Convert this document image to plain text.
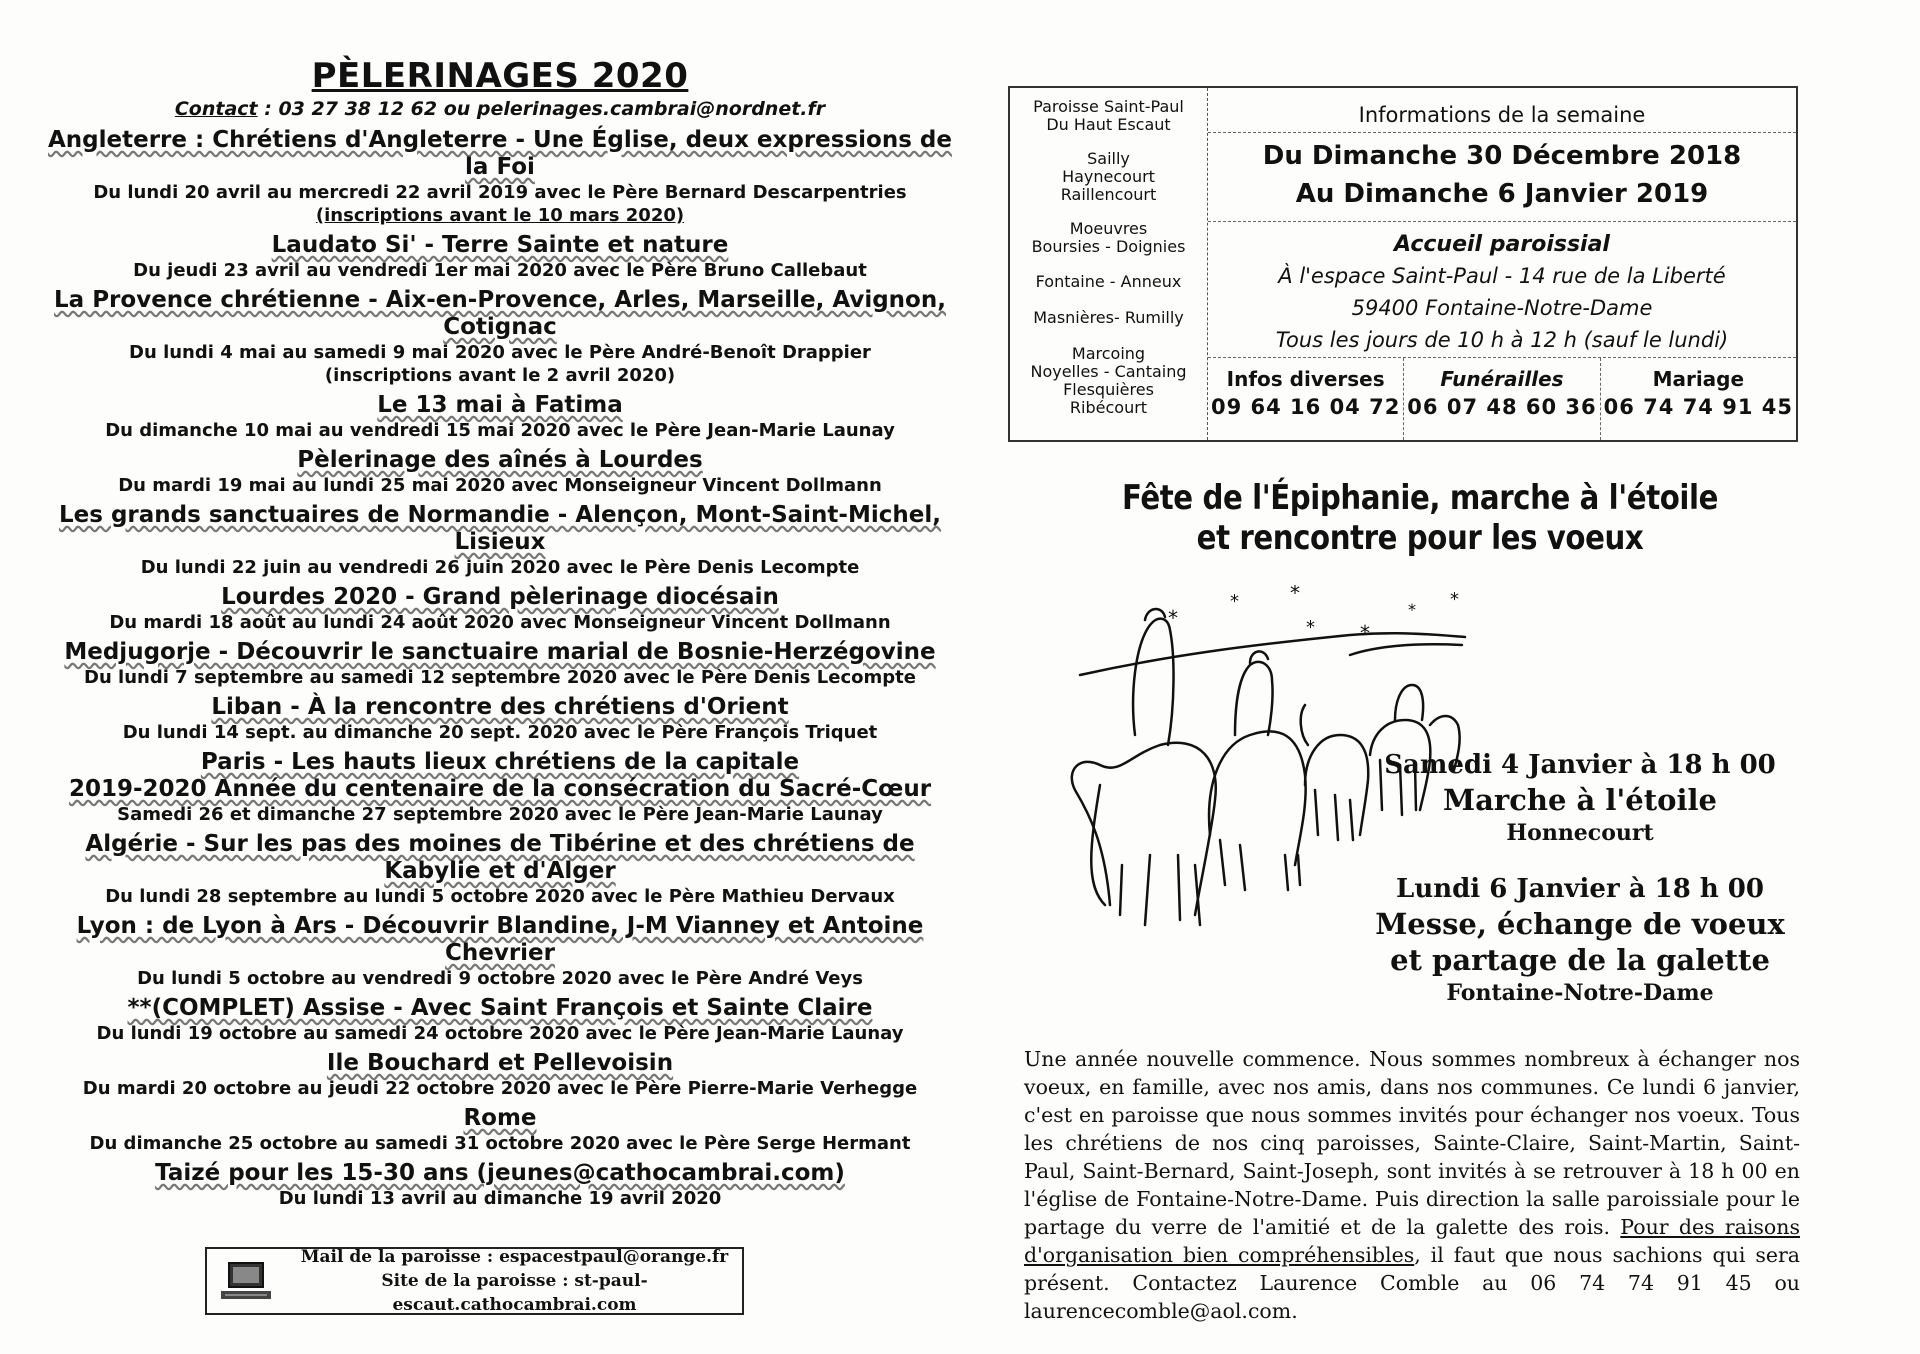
PÈLERINAGES 2020
Contact : 03 27 38 12 62 ou pelerinages.cambrai@nordnet.fr
Angleterre : Chrétiens d'Angleterre - Une Église, deux expressions de la Foi
Du lundi 20 avril au mercredi 22 avril 2019 avec le Père Bernard Descarpentries
(inscriptions avant le 10 mars 2020)
Laudato Si' - Terre Sainte et nature
Du jeudi 23 avril au vendredi 1er mai 2020 avec le Père Bruno Callebaut
La Provence chrétienne - Aix-en-Provence, Arles, Marseille, Avignon, Cotignac
Du lundi 4 mai au samedi 9 mai 2020 avec le Père André-Benoît Drappier
(inscriptions avant le 2 avril 2020)
Le 13 mai à Fatima
Du dimanche 10 mai au vendredi 15 mai 2020 avec le Père Jean-Marie Launay
Pèlerinage des aînés à Lourdes
Du mardi 19 mai au lundi 25 mai 2020 avec Monseigneur Vincent Dollmann
Les grands sanctuaires de Normandie - Alençon, Mont-Saint-Michel, Lisieux
Du lundi 22 juin au vendredi 26 juin 2020 avec le Père Denis Lecompte
Lourdes 2020 - Grand pèlerinage diocésain
Du mardi 18 août au lundi 24 août 2020 avec Monseigneur Vincent Dollmann
Medjugorje - Découvrir le sanctuaire marial de Bosnie-Herzégovine
Du lundi 7 septembre au samedi 12 septembre 2020 avec le Père Denis Lecompte
Liban - À la rencontre des chrétiens d'Orient
Du lundi 14 sept. au dimanche 20 sept. 2020 avec le Père François Triquet
Paris - Les hauts lieux chrétiens de la capitale
2019-2020 Année du centenaire de la consécration du Sacré-Cœur
Samedi 26 et dimanche 27 septembre 2020 avec le Père Jean-Marie Launay
Algérie - Sur les pas des moines de Tibérine et des chrétiens de Kabylie et d'Alger
Du lundi 28 septembre au lundi 5 octobre 2020 avec le Père Mathieu Dervaux
Lyon : de Lyon à Ars - Découvrir Blandine, J-M Vianney et Antoine Chevrier
Du lundi 5 octobre au vendredi 9 octobre 2020 avec le Père André Veys
**(COMPLET) Assise - Avec Saint François et Sainte Claire
Du lundi 19 octobre au samedi 24 octobre 2020 avec le Père Jean-Marie Launay
Ile Bouchard et Pellevoisin
Du mardi 20 octobre au jeudi 22 octobre 2020 avec le Père Pierre-Marie Verhegge
Rome
Du dimanche 25 octobre au samedi 31 octobre 2020 avec le Père Serge Hermant
Taizé pour les 15-30 ans (jeunes@cathocambrai.com)
Du lundi 13 avril au dimanche 19 avril 2020
Mail de la paroisse : espacestpaul@orange.fr
Site de la paroisse : st-paul-escaut.cathocambrai.com
Paroisse Saint-Paul
Du Haut Escaut
Sailly
Haynecourt
Raillencourt
Moeuvres
Boursies - Doignies
Fontaine - Anneux
Masnières- Rumilly
Marcoing
Noyelles - Cantaing
Flesquières
Ribécourt
Informations de la semaine
Du Dimanche 30 Décembre 2018
Au Dimanche 6 Janvier 2019
Accueil paroissial
À l'espace Saint-Paul - 14 rue de la Liberté
59400 Fontaine-Notre-Dame
Tous les jours de 10 h à 12 h (sauf le lundi)
Infos diverses
09 64 16 04 72
Funérailles
06 07 48 60 36
Mariage
06 74 74 91 45
Fête de l'Épiphanie, marche à l'étoile
et rencontre pour les voeux
*
*	*
* *
* *
Samedi 4 Janvier à 18 h 00
Marche à l'étoile
Honnecourt
Lundi 6 Janvier à 18 h 00
Messe, échange de voeux
et partage de la galette
Fontaine-Notre-Dame
Une année nouvelle commence. Nous sommes nombreux à échanger nos voeux, en famille, avec nos amis, dans nos communes. Ce lundi 6 janvier, c'est en paroisse que nous sommes invités pour échanger nos voeux. Tous les chrétiens de nos cinq paroisses, Sainte-Claire, Saint-Martin, Saint-Paul, Saint-Bernard, Saint-Joseph, sont invités à se retrouver à 18 h 00 en l'église de Fontaine-Notre-Dame. Puis direction la salle paroissiale pour le partage du verre de l'amitié et de la galette des rois. Pour des raisons d'organisation bien compréhensibles, il faut que nous sachions qui sera présent. Contactez Laurence Comble au 06 74 74 91 45 ou laurencecomble@aol.com.
